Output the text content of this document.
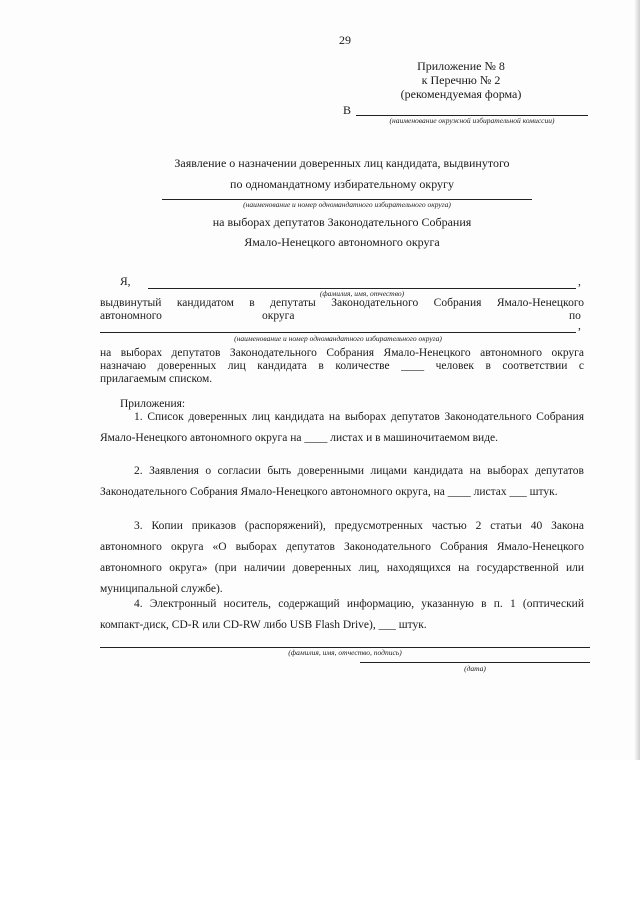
29
Приложение № 8
к Перечню № 2
(рекомендуемая форма)
В
(наименование окружной избирательной комиссии)
Заявление о назначении доверенных лиц кандидата, выдвинутого
по одномандатному избирательному округу
(наименование и номер одномандатного избирательного округа)
на выборах депутатов Законодательного Собрания
Ямало-Ненецкого автономного округа
Я,	,
(фамилия, имя, отчество)
выдвинутый кандидатом в депутаты Законодательного Собрания Ямало-Ненецкого
автономного	округа	по
,
(наименование и номер одномандатного избирательного округа)
на выборах депутатов Законодательного Собрания Ямало-Ненецкого автономного округа
назначаю доверенных лиц кандидата в количестве ____ человек в соответствии с
прилагаемым списком.
Приложения:
1. Список доверенных лиц кандидата на выборах депутатов Законодательного Собрания Ямало-Ненецкого автономного округа на ____ листах и в машиночитаемом виде.
2. Заявления о согласии быть доверенными лицами кандидата на выборах депутатов Законодательного Собрания Ямало-Ненецкого автономного округа, на ____ листах ___ штук.
3. Копии приказов (распоряжений), предусмотренных частью 2 статьи 40 Закона автономного округа «О выборах депутатов Законодательного Собрания Ямало-Ненецкого автономного округа» (при наличии доверенных лиц, находящихся на государственной или муниципальной службе).
4. Электронный носитель, содержащий информацию, указанную в п. 1 (оптический компакт-диск, CD-R или CD-RW либо USB Flash Drive), ___ штук.
(фамилия, имя, отчество, подпись)
(дата)
